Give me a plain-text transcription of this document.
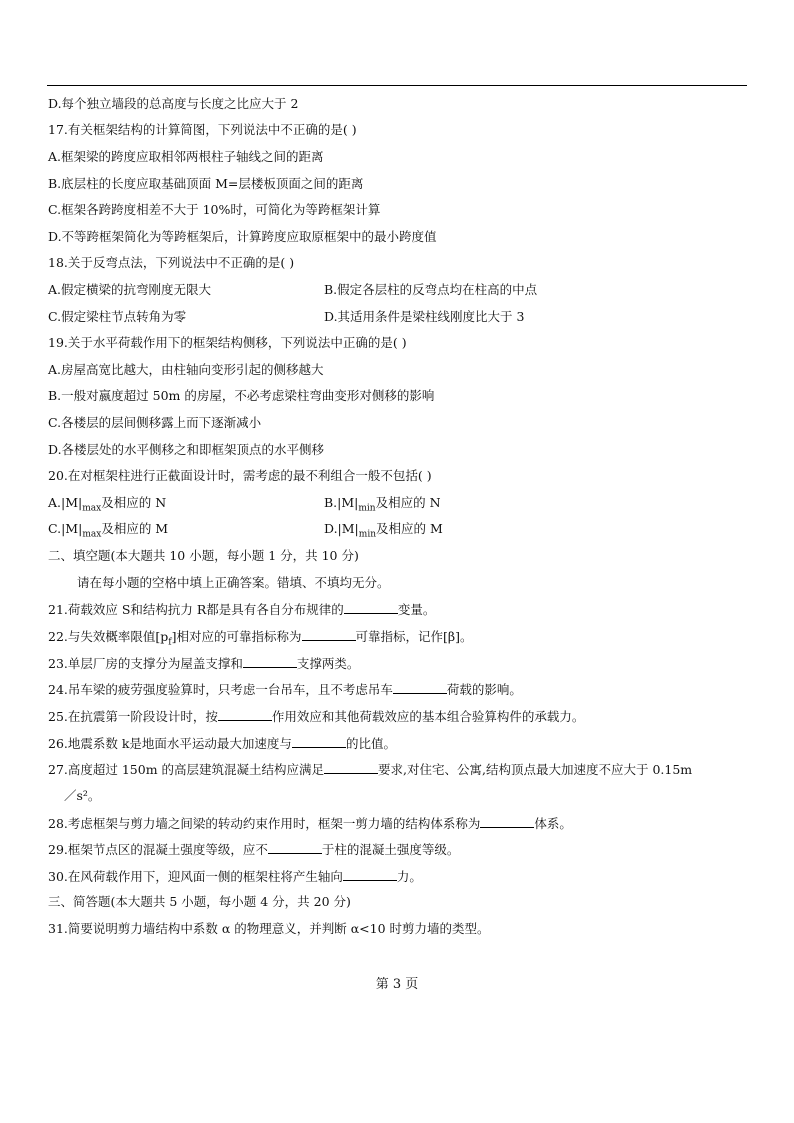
D.每个独立墙段的总高度与长度之比应大于 2
17.有关框架结构的计算简图，下列说法中不正确的是( )
A.框架梁的跨度应取相邻两根柱子轴线之间的距离
B.底层柱的长度应取基础顶面 M=层楼板顶面之间的距离
C.框架各跨跨度相差不大于 10%时，可简化为等跨框架计算
D.不等跨框架简化为等跨框架后，计算跨度应取原框架中的最小跨度值
18.关于反弯点法，下列说法中不正确的是( )
A.假定横梁的抗弯刚度无限大	B.假定各层柱的反弯点均在柱高的中点
C.假定梁柱节点转角为零	D.其适用条件是梁柱线刚度比大于 3
19.关于水平荷载作用下的框架结构侧移，下列说法中正确的是( )
A.房屋高宽比越大，由柱轴向变形引起的侧移越大
B.一般对嬴度超过 50m 的房屋，不必考虑梁柱弯曲变形对侧移的影响
C.各楼层的层间侧移露上而下逐渐减小
D.各楼层处的水平侧移之和即框架顶点的水平侧移
20.在对框架柱进行正截面设计时，需考虑的最不利组合一般不包括( )
$A.|M|_{max}$及相应的 N	$B.|M|_{min}$及相应的 N
$C.|M|_{max}$及相应的 M	$D.|M|_{min}$及相应的 M
二、填空题(本大题共 10 小题，每小题 1 分，共 10 分)
请在每小题的空格中填上正确答案。错填、不填均无分。
21.荷载效应 S和结构抗力 R都是具有各自分布规律的	变量。
22.与失效概率限值$[p_f]$相对应的可靠指标称为	可靠指标，记作[β]。
23.单层厂房的支撑分为屋盖支撑和	支撑两类。
24.吊车梁的疲劳强度验算时，只考虑一台吊车，且不考虑吊车	荷载的影响。
25.在抗震第一阶段设计时，按	作用效应和其他荷载效应的基本组合验算构件的承载力。
26.地震系数 k是地面水平运动最大加速度与	的比值。
27.高度超过 150m 的高层建筑混凝土结构应满足	要求,对住宅、公寓,结构顶点最大加速度不应大于 0.15m
／s²。
28.考虑框架与剪力墙之间梁的转动约束作用时，框架一剪力墙的结构体系称为	体系。
29.框架节点区的混凝土强度等级，应不	于柱的混凝土强度等级。
30.在风荷载作用下，迎风面一侧的框架柱将产生轴向	力。
三、简答题(本大题共 5 小题，每小题 4 分，共 20 分)
31.简要说明剪力墙结构中系数 α 的物理意义，并判断 α<10 时剪力墙的类型。
第 3 页
